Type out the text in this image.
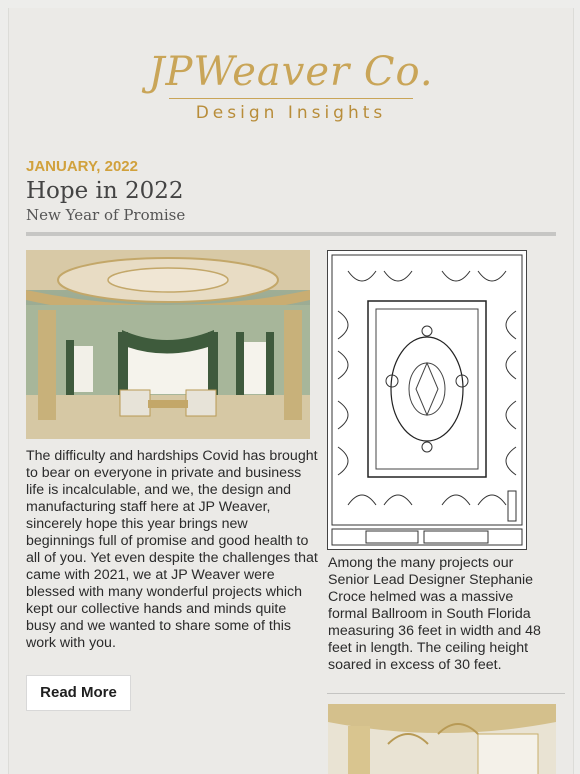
JPWeaver Co.
Design Insights
JANUARY, 2022
Hope in 2022
New Year of Promise
The difficulty and hardships Covid has brought to bear on everyone in private and business life is incalculable, and we, the design and manufacturing staff here at JP Weaver, sincerely hope this year brings new beginnings full of promise and good health to all of you. Yet even despite the challenges that came with 2021, we at JP Weaver were blessed with many wonderful projects which kept our collective hands and minds quite busy and we wanted to share some of this work with you.
Read More
Among the many projects our Senior Lead Designer Stephanie Croce helmed was a massive formal Ballroom in South Florida measuring 36 feet in width and 48 feet in length. The ceiling height soared in excess of 30 feet.
